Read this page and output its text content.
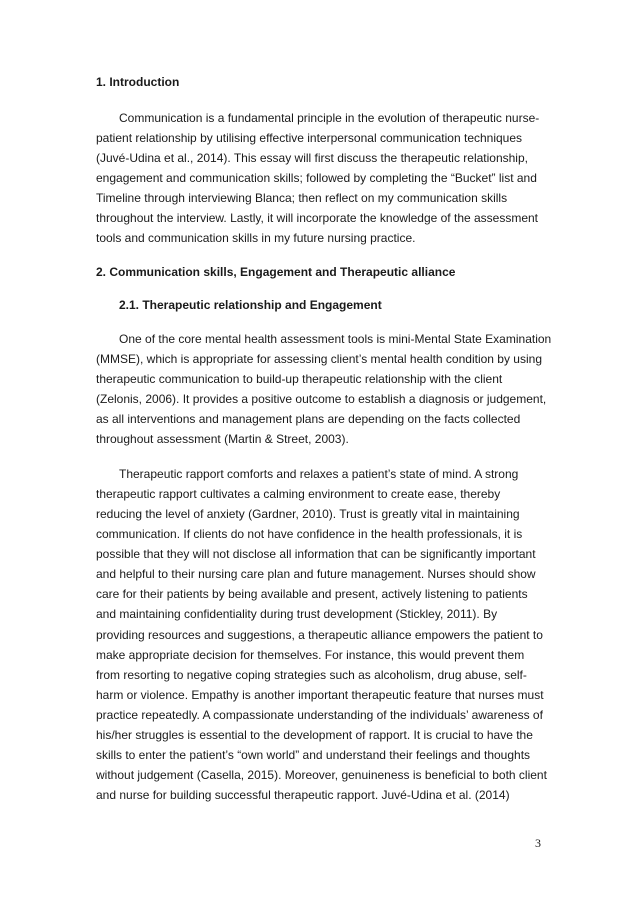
1. Introduction
Communication is a fundamental principle in the evolution of therapeutic nurse-
patient relationship by utilising effective interpersonal communication techniques
(Juvé-Udina et al., 2014). This essay will first discuss the therapeutic relationship,
engagement and communication skills; followed by completing the “Bucket” list and
Timeline through interviewing Blanca; then reflect on my communication skills
throughout the interview. Lastly, it will incorporate the knowledge of the assessment
tools and communication skills in my future nursing practice.
2. Communication skills, Engagement and Therapeutic alliance
2.1. Therapeutic relationship and Engagement
One of the core mental health assessment tools is mini-Mental State Examination
(MMSE), which is appropriate for assessing client’s mental health condition by using
therapeutic communication to build-up therapeutic relationship with the client
(Zelonis, 2006). It provides a positive outcome to establish a diagnosis or judgement,
as all interventions and management plans are depending on the facts collected
throughout assessment (Martin & Street, 2003).
Therapeutic rapport comforts and relaxes a patient’s state of mind. A strong
therapeutic rapport cultivates a calming environment to create ease, thereby
reducing the level of anxiety (Gardner, 2010). Trust is greatly vital in maintaining
communication. If clients do not have confidence in the health professionals, it is
possible that they will not disclose all information that can be significantly important
and helpful to their nursing care plan and future management. Nurses should show
care for their patients by being available and present, actively listening to patients
and maintaining confidentiality during trust development (Stickley, 2011). By
providing resources and suggestions, a therapeutic alliance empowers the patient to
make appropriate decision for themselves. For instance, this would prevent them
from resorting to negative coping strategies such as alcoholism, drug abuse, self-
harm or violence. Empathy is another important therapeutic feature that nurses must
practice repeatedly. A compassionate understanding of the individuals’ awareness of
his/her struggles is essential to the development of rapport. It is crucial to have the
skills to enter the patient’s “own world” and understand their feelings and thoughts
without judgement (Casella, 2015). Moreover, genuineness is beneficial to both client
and nurse for building successful therapeutic rapport. Juvé-Udina et al. (2014)
3
